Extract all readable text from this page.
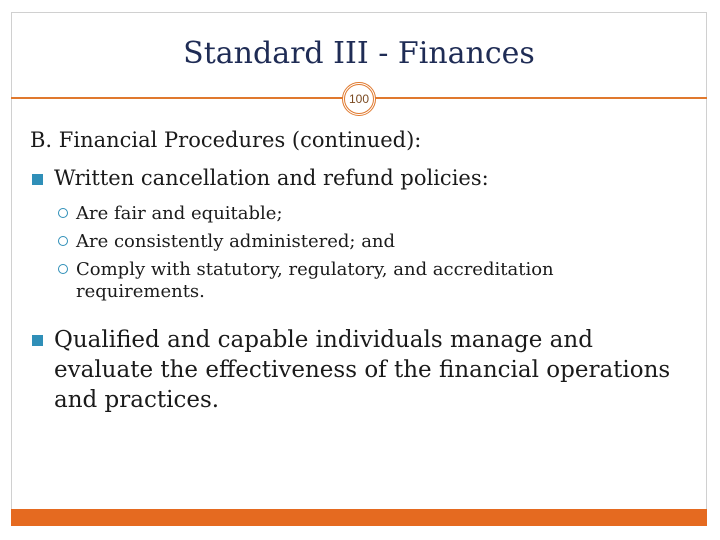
Standard III - Finances
100
B. Financial Procedures (continued):
Written cancellation and refund policies:
Are fair and equitable;
Are consistently administered; and
Comply with statutory, regulatory, and accreditation requirements.
Qualified and capable individuals manage and evaluate the effectiveness of the financial operations and practices.
